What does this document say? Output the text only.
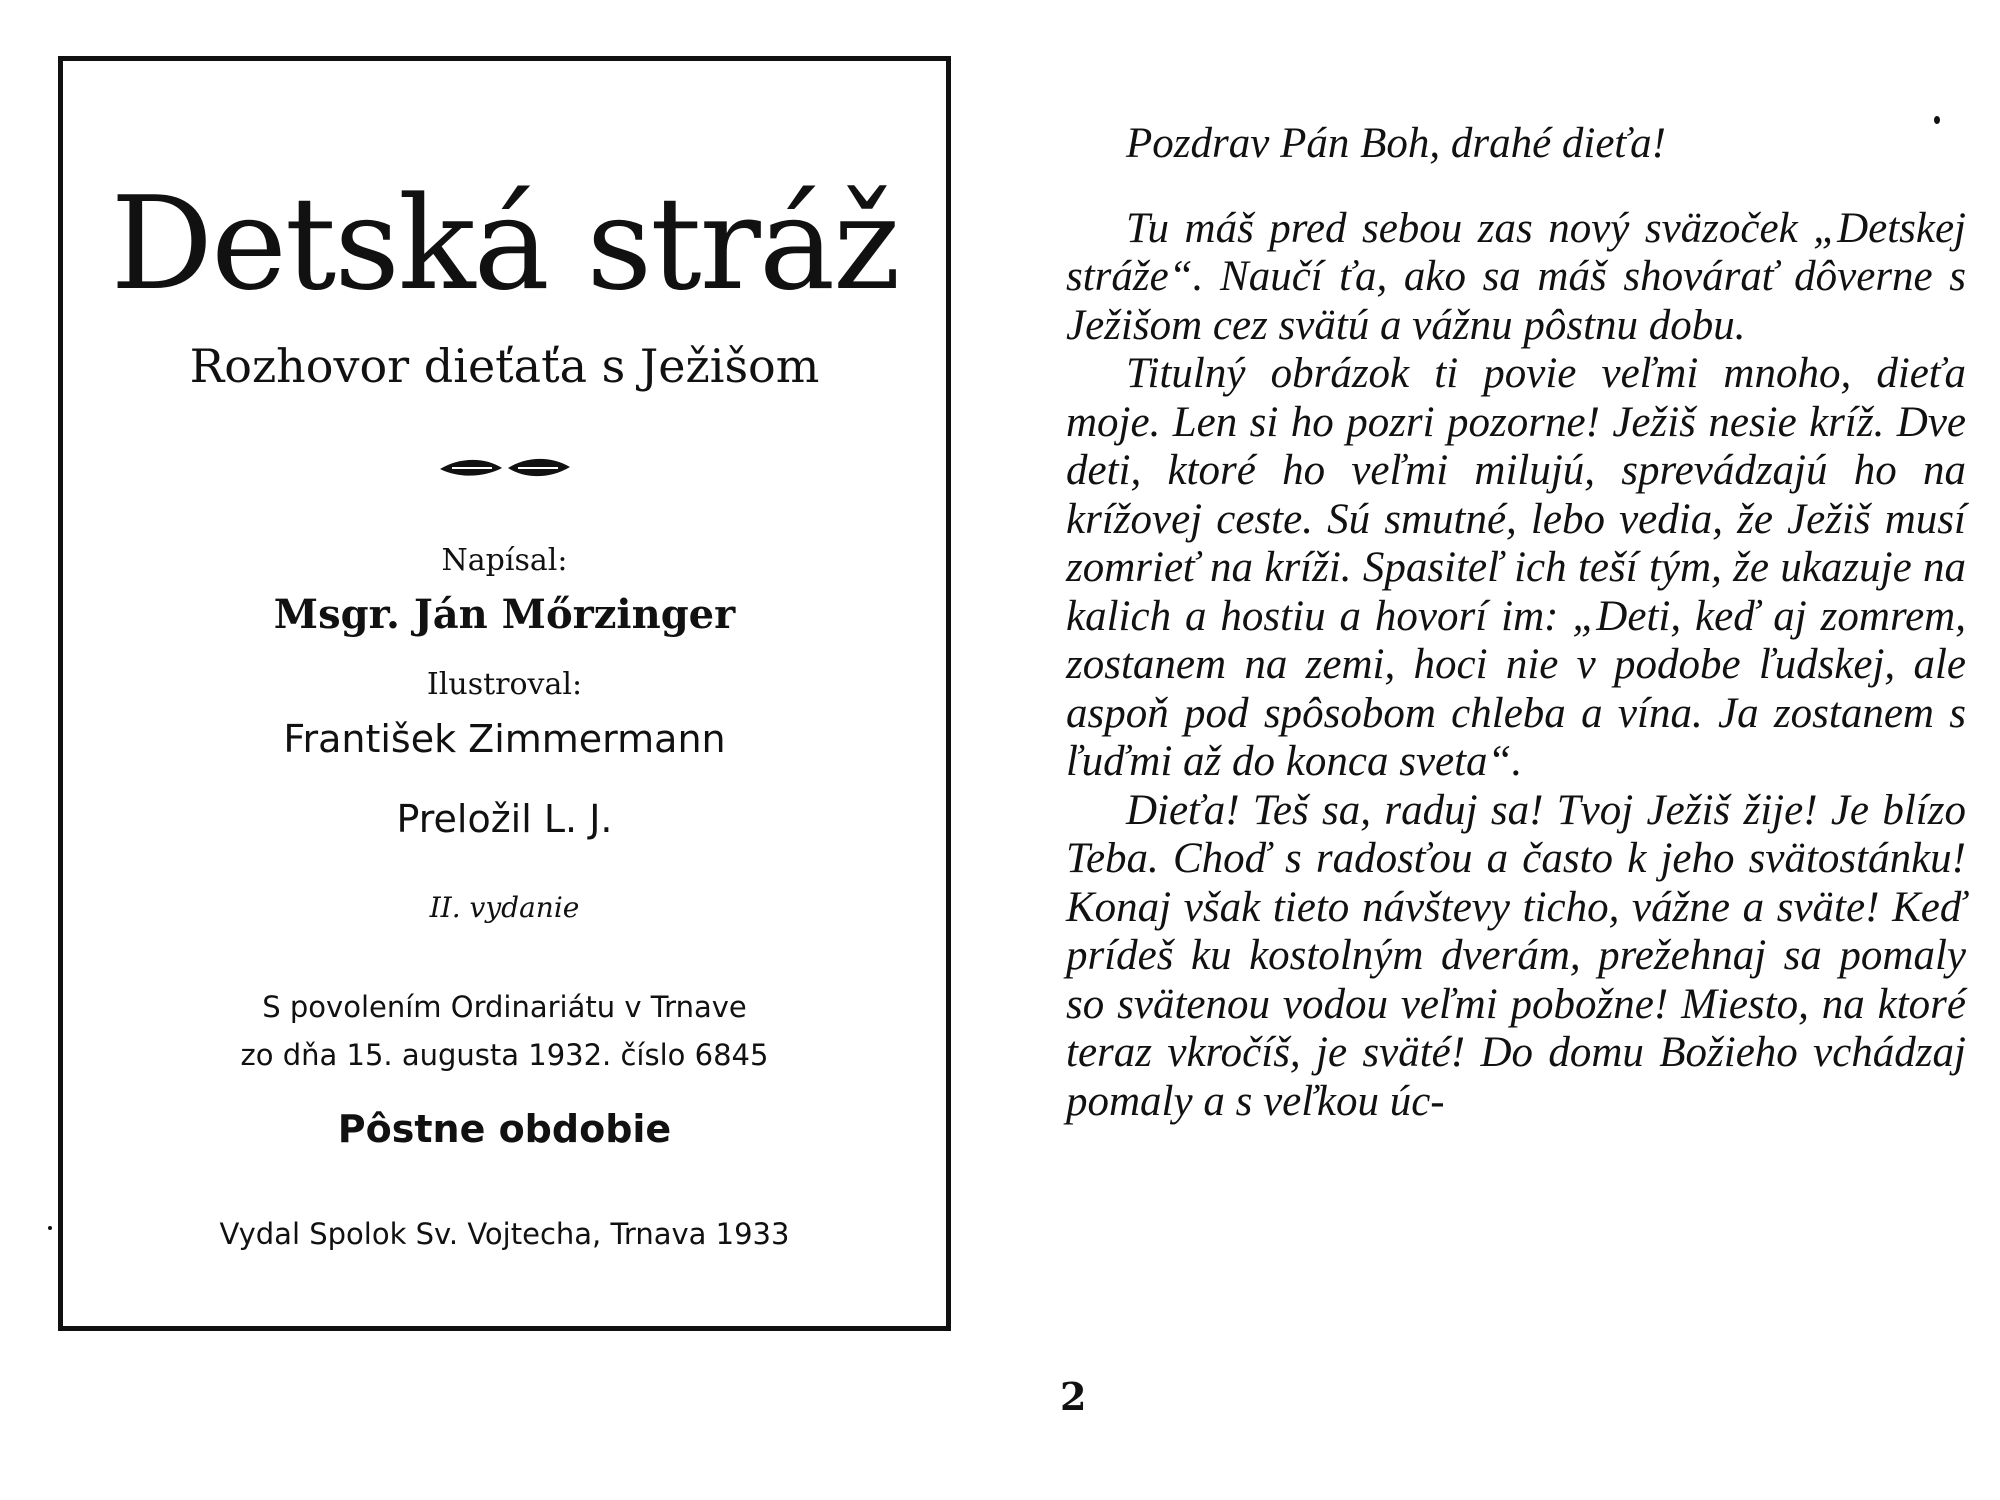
Detská stráž
Rozhovor dieťaťa s Ježišom
Napísal:
Msgr. Ján Mőrzinger
Ilustroval:
František Zimmermann
Preložil L. J.
II. vydanie
S povolením Ordinariátu v Trnave
zo dňa 15. augusta 1932. číslo 6845
Pôstne obdobie
Vydal Spolok Sv. Vojtecha, Trnava 1933
Pozdrav Pán Boh, drahé dieťa!

Tu máš pred sebou zas nový sväzoček „Detskej stráže“. Naučí ťa, ako sa máš shovárať dôverne s Ježišom cez svätú a vážnu pôstnu dobu.

Titulný obrázok ti povie veľmi mnoho, dieťa moje. Len si ho pozri pozorne! Ježiš nesie kríž. Dve deti, ktoré ho veľmi milujú, sprevádzajú ho na krížovej ceste. Sú smutné, lebo vedia, že Ježiš musí zomrieť na kríži. Spasiteľ ich teší tým, že ukazuje na kalich a hostiu a hovorí im: „Deti, keď aj zomrem, zostanem na zemi, hoci nie v podobe ľudskej, ale aspoň pod spôsobom chleba a vína. Ja zostanem s ľuďmi až do konca sveta“.

Dieťa! Teš sa, raduj sa! Tvoj Ježiš žije! Je blízo Teba. Choď s radosťou a často k jeho svätostánku! Konaj však tieto návštevy ticho, vážne a sväte! Keď prídeš ku kostolným dverám, prežehnaj sa pomaly so svätenou vodou veľmi pobožne! Miesto, na ktoré teraz vkročíš, je sväté! Do domu Božieho vchádzaj pomaly a s veľkou úc-

2
